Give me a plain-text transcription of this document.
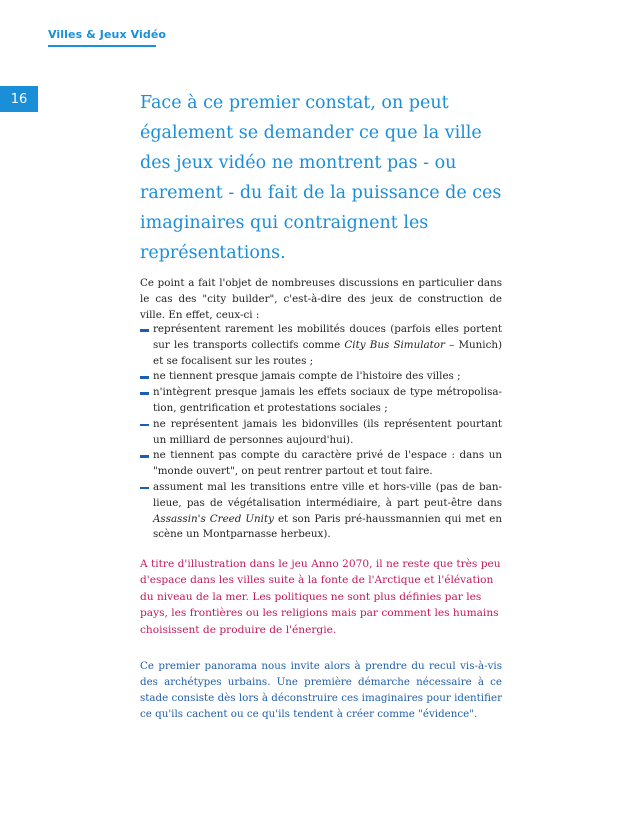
Villes & Jeux Vidéo
16	Face à ce premier constat, on peut également se demander ce que la ville des jeux vidéo ne montrent pas - ou rarement - du fait de la puissance de ces imaginaires qui contraignent les représentations.

Ce point a fait l'objet de nombreuses discussions en particulier dans le cas des "city builder", c'est-à-dire des jeux de construction de ville. En effet, ceux-ci :

représentent rarement les mobilités douces (parfois elles portent sur les transports collectifs comme City Bus Simulator – Munich) et se focalisent sur les routes ;
ne tiennent presque jamais compte de l'histoire des villes ;
n'intègrent presque jamais les effets sociaux de type métropolisa-tion, gentrification et protestations sociales ;
ne représentent jamais les bidonvilles (ils représentent pourtant un milliard de personnes aujourd'hui).
ne tiennent pas compte du caractère privé de l'espace : dans un "monde ouvert", on peut rentrer partout et tout faire.
assument mal les transitions entre ville et hors-ville (pas de ban-lieue, pas de végétalisation intermédiaire, à part peut-être dans Assassin's Creed Unity et son Paris pré-haussmannien qui met en scène un Montparnasse herbeux).

A titre d'illustration dans le jeu Anno 2070, il ne reste que très peu d'espace dans les villes suite à la fonte de l'Arctique et l'élévation du niveau de la mer. Les politiques ne sont plus définies par les pays, les frontières ou les religions mais par comment les humains choisissent de produire de l'énergie.

Ce premier panorama nous invite alors à prendre du recul vis-à-vis des archétypes urbains. Une première démarche nécessaire à ce stade consiste dès lors à déconstruire ces imaginaires pour identifier ce qu'ils cachent ou ce qu'ils tendent à créer comme "évidence".
